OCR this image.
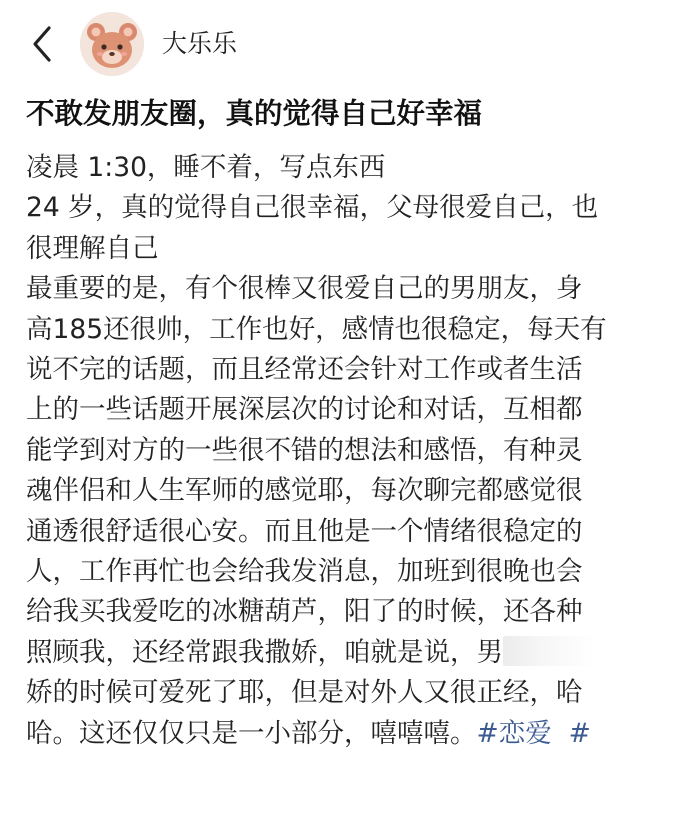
大乐乐
不敢发朋友圈，真的觉得自己好幸福
凌晨 1:30，睡不着，写点东西
24 岁，真的觉得自己很幸福，父母很爱自己，也
很理解自己
最重要的是，有个很棒又很爱自己的男朋友，身
高185还很帅，工作也好，感情也很稳定，每天有
说不完的话题，而且经常还会针对工作或者生活
上的一些话题开展深层次的讨论和对话，互相都
能学到对方的一些很不错的想法和感悟，有种灵
魂伴侣和人生军师的感觉耶，每次聊完都感觉很
通透很舒适很心安。而且他是一个情绪很稳定的
人，工作再忙也会给我发消息，加班到很晚也会
给我买我爱吃的冰糖葫芦，阳了的时候，还各种
照顾我，还经常跟我撒娇，咱就是说，男
娇的时候可爱死了耶，但是对外人又很正经，哈
哈。这还仅仅只是一小部分，嘻嘻嘻。#恋爱 #
